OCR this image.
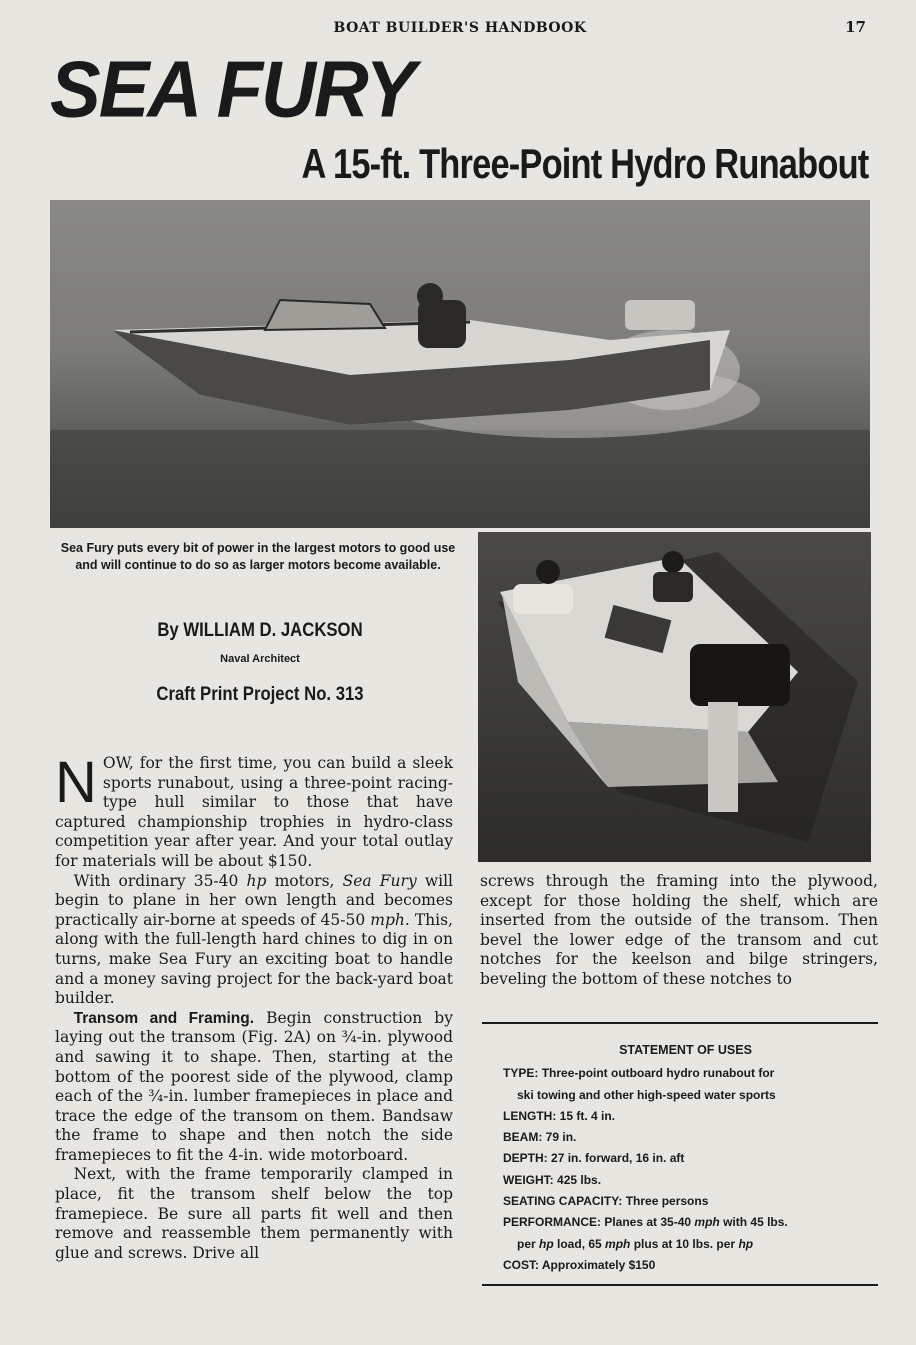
BOAT BUILDER'S HANDBOOK	17
SEA FURY
A 15-ft. Three-Point Hydro Runabout
Sea Fury puts every bit of power in the largest motors to good use and will continue to do so as larger motors become available.
By WILLIAM D. JACKSON
Naval Architect
Craft Print Project No. 313

NOW, for the first time, you can build a sleek sports runabout, using a three-point racing-type hull similar to those that have captured championship trophies in hydro-class competition year after year. And your total outlay for materials will be about $150.

With ordinary 35-40 hp motors, Sea Fury will begin to plane in her own length and becomes practically air-borne at speeds of 45-50 mph. This, along with the full-length hard chines to dig in on turns, make Sea Fury an exciting boat to handle and a money saving project for the back-yard boat builder.

Transom and Framing. Begin construction by laying out the transom (Fig. 2A) on ¾-in. plywood and sawing it to shape. Then, starting at the bottom of the poorest side of the plywood, clamp each of the ¾-in. lumber framepieces in place and trace the edge of the transom on them. Bandsaw the frame to shape and then notch the side framepieces to fit the 4-in. wide motorboard.

Next, with the frame temporarily clamped in place, fit the transom shelf below the top framepiece. Be sure all parts fit well and then remove and reassemble them permanently with glue and screws. Drive all

screws through the framing into the plywood, except for those holding the shelf, which are inserted from the outside of the transom. Then bevel the lower edge of the transom and cut notches for the keelson and bilge stringers, beveling the bottom of these notches to

STATEMENT OF USES
TYPE: Three-point outboard hydro runabout for
ski towing and other high-speed water sports
LENGTH: 15 ft. 4 in.
BEAM: 79 in.
DEPTH: 27 in. forward, 16 in. aft
WEIGHT: 425 lbs.
SEATING CAPACITY: Three persons
PERFORMANCE: Planes at 35-40 mph with 45 lbs.
per hp load, 65 mph plus at 10 lbs. per hp
COST: Approximately $150
